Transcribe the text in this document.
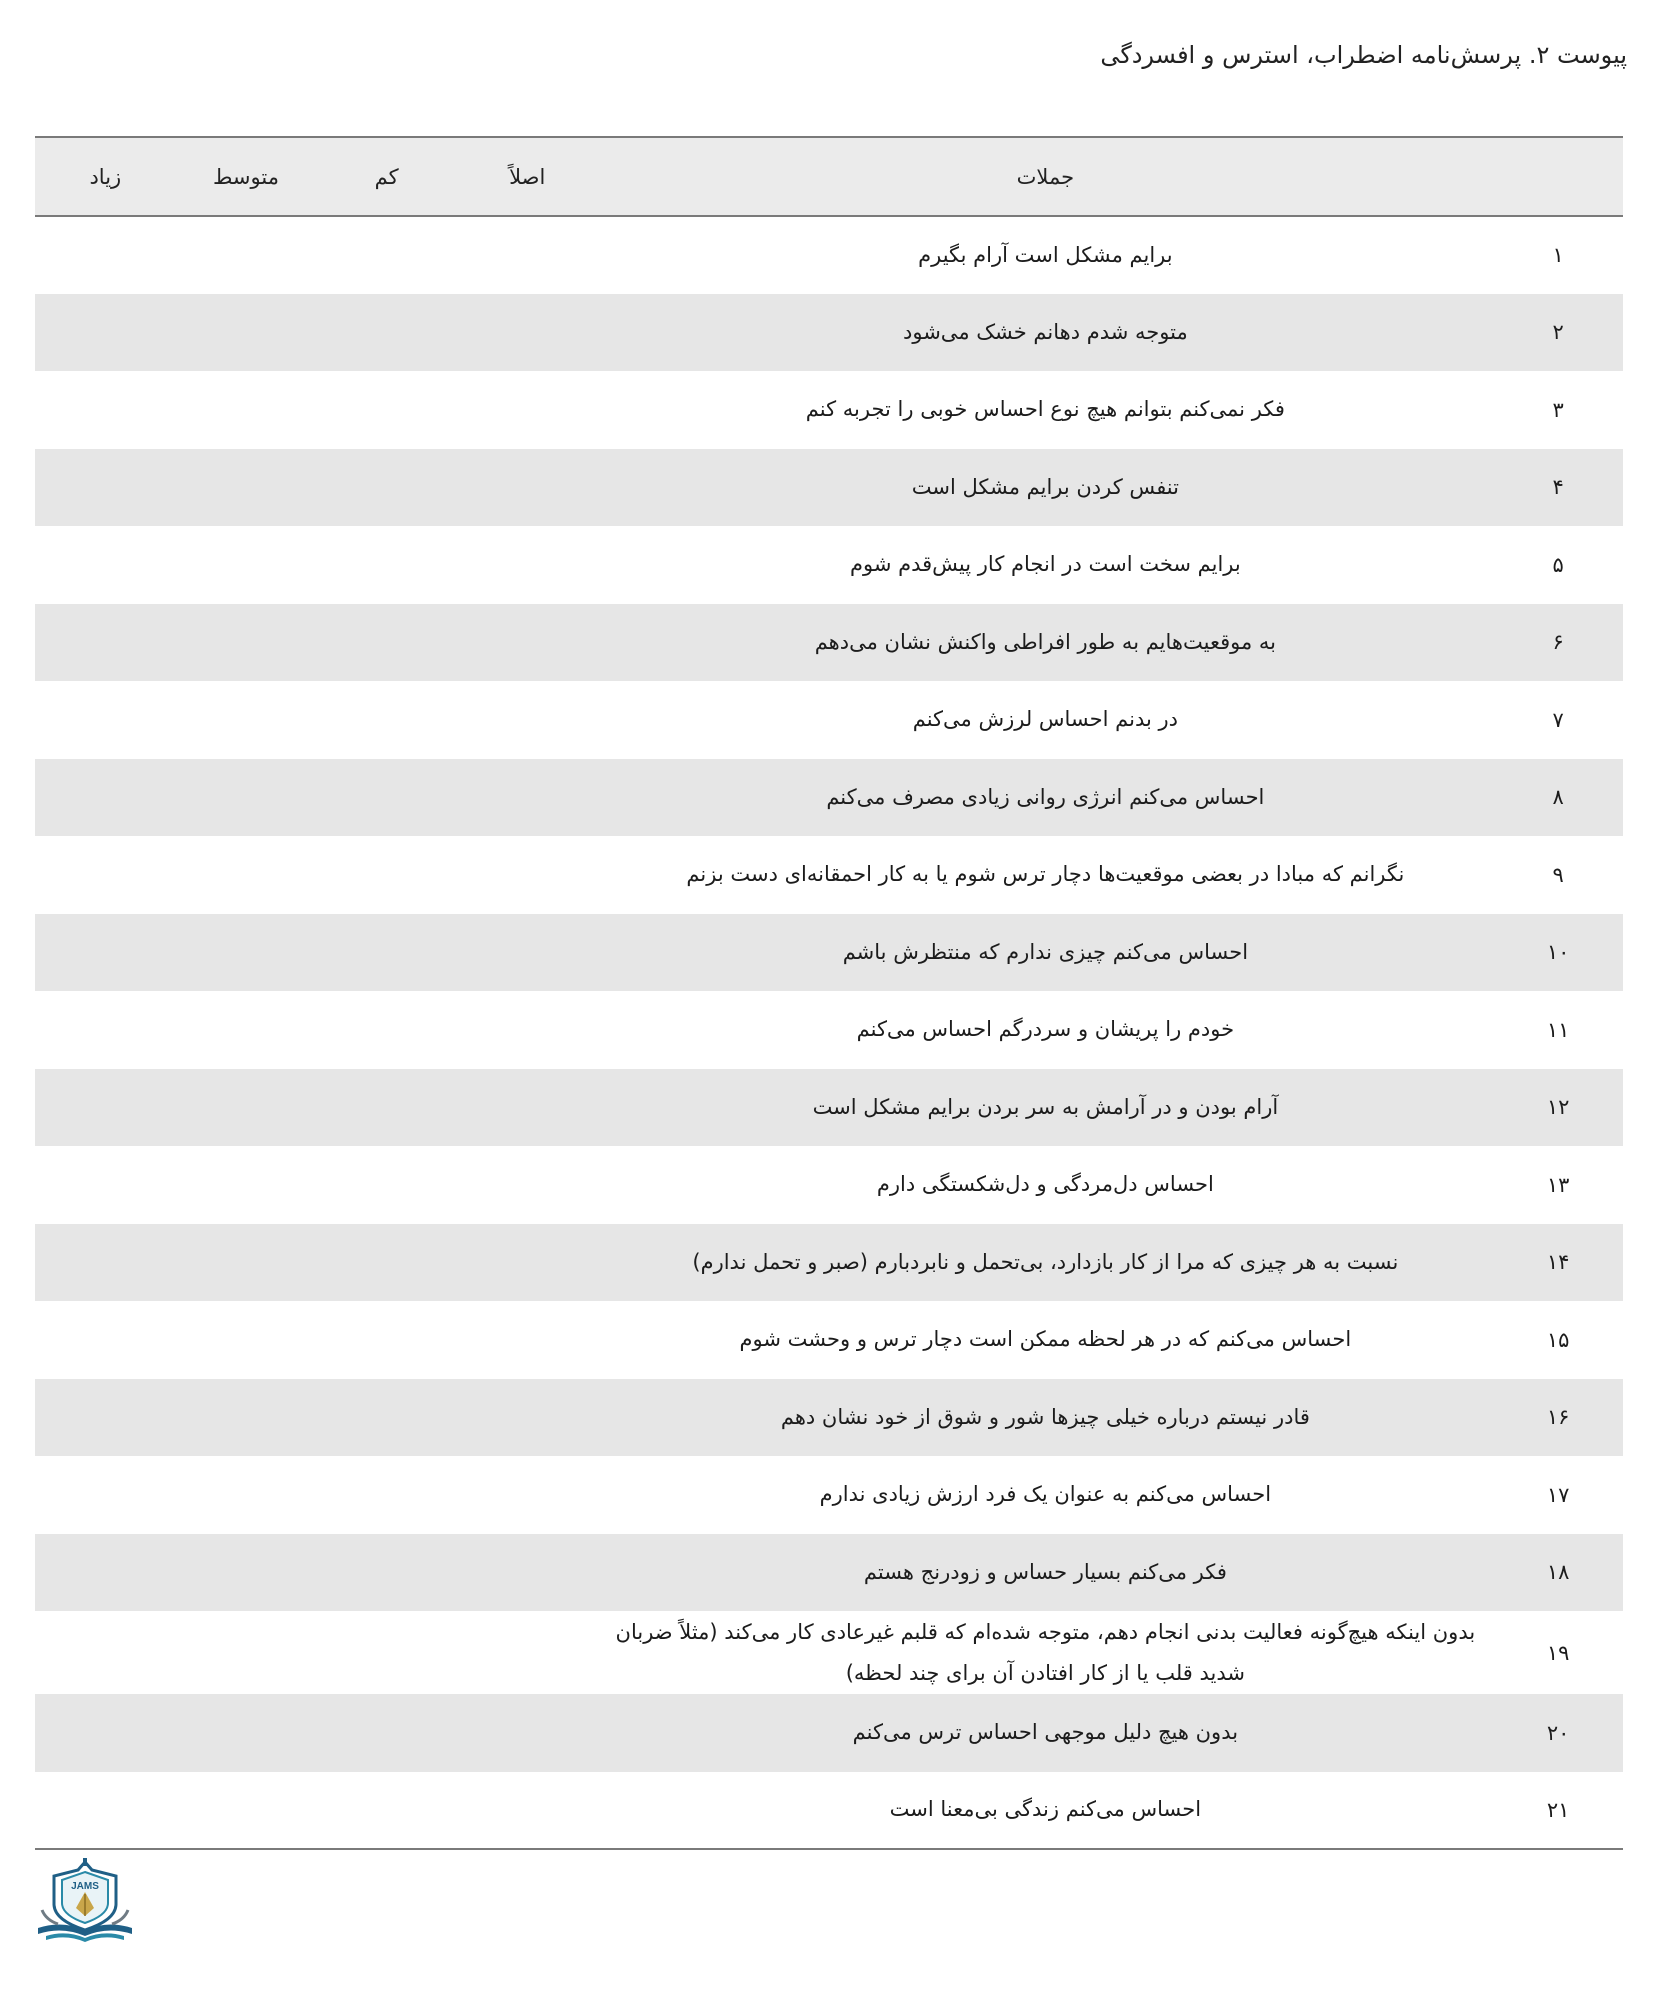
پیوست ۲. پرسش‌نامه اضطراب، استرس و افسردگی
	جملات	اصلاً	کم	متوسط	زیاد
۱	برایم مشکل است آرام بگیرم				
۲	متوجه شدم دهانم خشک می‌شود				
۳	فکر نمی‌کنم بتوانم هیچ نوع احساس خوبی را تجربه کنم				
۴	تنفس کردن برایم مشکل است				
۵	برایم سخت است در انجام کار پیش‌قدم شوم				
۶	به موقعیت‌هایم به طور افراطی واکنش نشان می‌دهم				
۷	در بدنم احساس لرزش می‌کنم				
۸	احساس می‌کنم انرژی روانی زیادی مصرف می‌کنم				
۹	نگرانم که مبادا در بعضی موقعیت‌ها دچار ترس شوم یا به کار احمقانه‌ای دست بزنم				
۱۰	احساس می‌کنم چیزی ندارم که منتظرش باشم				
۱۱	خودم را پریشان و سردرگم احساس می‌کنم				
۱۲	آرام بودن و در آرامش به سر بردن برایم مشکل است				
۱۳	احساس دل‌مردگی و دل‌شکستگی دارم				
۱۴	نسبت به هر چیزی که مرا از کار بازدارد، بی‌تحمل و نابردبارم (صبر و تحمل ندارم)				
۱۵	احساس می‌کنم که در هر لحظه ممکن است دچار ترس و وحشت شوم				
۱۶	قادر نیستم درباره خیلی چیزها شور و شوق از خود نشان دهم				
۱۷	احساس می‌کنم به عنوان یک فرد ارزش زیادی ندارم				
۱۸	فکر می‌کنم بسیار حساس و زودرنج هستم				
۱۹	بدون اینکه هیچ‌گونه فعالیت بدنی انجام دهم، متوجه شده‌ام که قلبم غیرعادی کار می‌کند (مثلاً ضربان شدید قلب یا از کار افتادن آن برای چند لحظه)				
۲۰	بدون هیچ دلیل موجهی احساس ترس می‌کنم				
۲۱	احساس می‌کنم زندگی بی‌معنا است				
JAMS
